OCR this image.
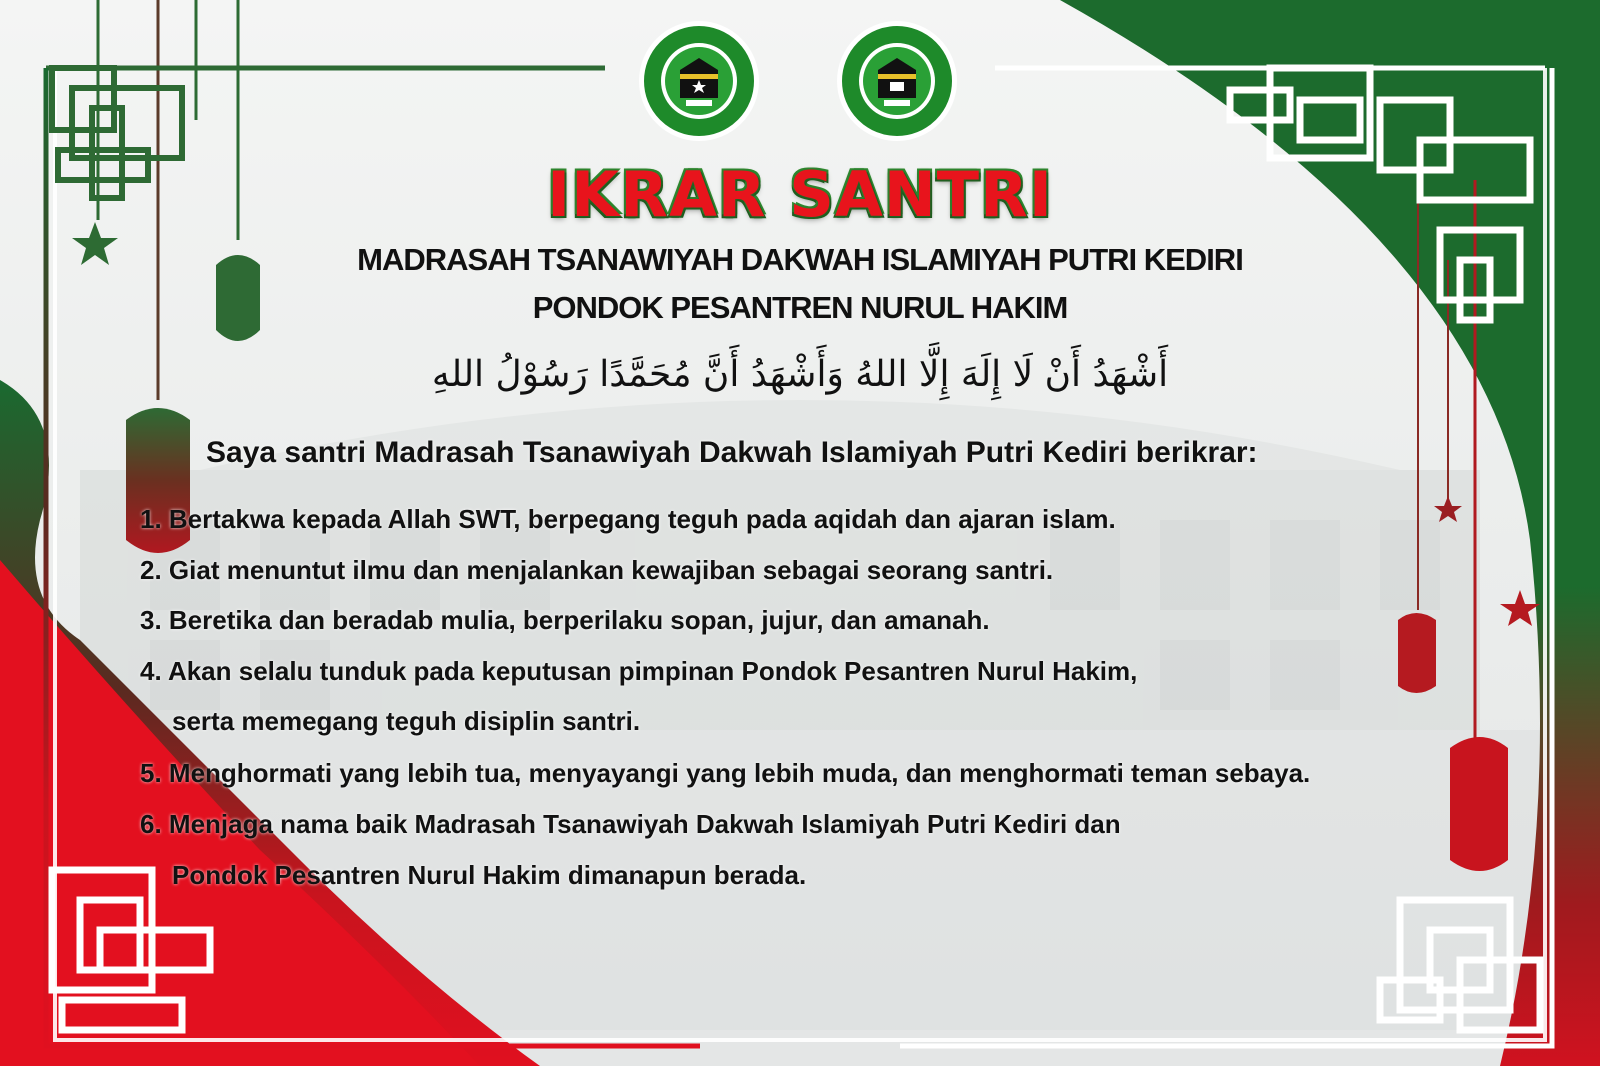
IKRAR SANTRI
MADRASAH TSANAWIYAH DAKWAH ISLAMIYAH PUTRI KEDIRI
PONDOK PESANTREN NURUL HAKIM
أَشْهَدُ أَنْ لَا إِلَهَ إِلَّا اللهُ وَأَشْهَدُ أَنَّ مُحَمَّدًا رَسُوْلُ اللهِ
Saya santri Madrasah Tsanawiyah Dakwah Islamiyah Putri Kediri berikrar:
1. Bertakwa kepada Allah SWT, berpegang teguh pada aqidah dan ajaran islam.
2. Giat menuntut ilmu dan menjalankan kewajiban sebagai seorang santri.
3. Beretika dan beradab mulia, berperilaku sopan, jujur, dan amanah.
4. Akan selalu tunduk pada keputusan pimpinan Pondok Pesantren Nurul Hakim,
serta memegang teguh disiplin santri.
5. Menghormati yang lebih tua, menyayangi yang lebih muda, dan menghormati teman sebaya.
6. Menjaga nama baik Madrasah Tsanawiyah Dakwah Islamiyah Putri Kediri dan
Pondok Pesantren Nurul Hakim dimanapun berada.
